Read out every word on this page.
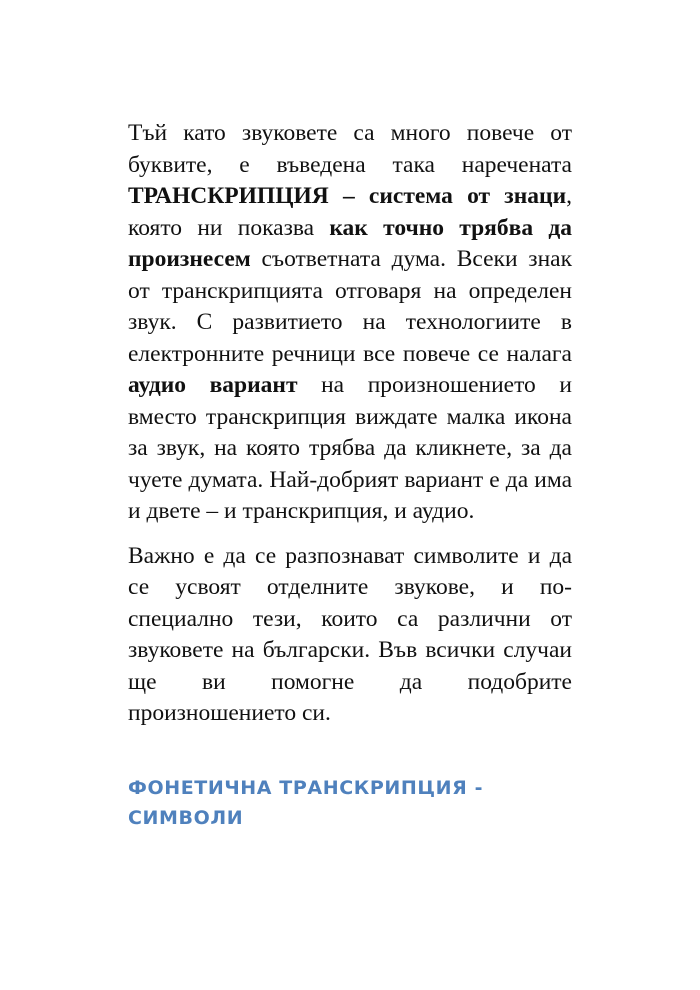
Тъй като звуковете са много повече от буквите, е въведена така наречената ТРАНСКРИПЦИЯ – система от знаци, която ни показва как точно трябва да произнесем съответната дума. Всеки знак от транскрипцията отговаря на определен звук. С развитието на технологиите в електронните речници все повече се налага аудио вариант на произношението и вместо транскрипция виждате малка икона за звук, на която трябва да кликнете, за да чуете думата. Най-добрият вариант е да има и двете – и транскрипция, и аудио.

Важно е да се разпознават символите и да се усвоят отделните звукове, и по-специално тези, които са различни от звуковете на български. Във всички случаи ще ви помогне да подобрите произношението си.

ФОНЕТИЧНА ТРАНСКРИПЦИЯ -
СИМВОЛИ
